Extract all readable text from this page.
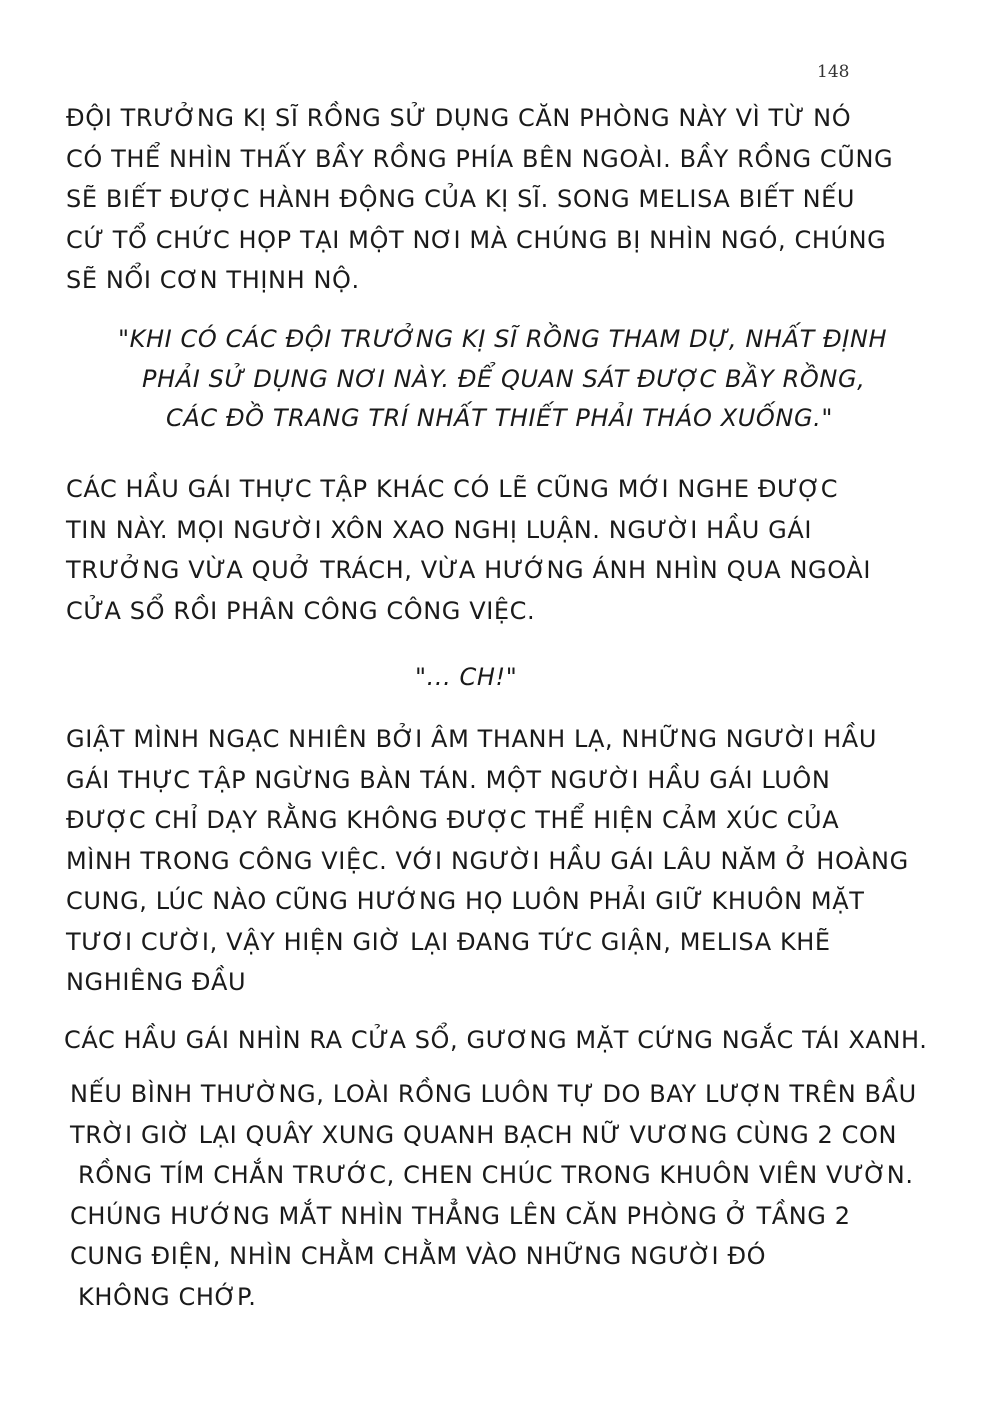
148

ĐỘI TRƯỞNG KỊ SĨ RỒNG SỬ DỤNG CĂN PHÒNG NÀY VÌ TỪ NÓ
CÓ THỂ NHÌN THẤY BẦY RỒNG PHÍA BÊN NGOÀI. BẦY RỒNG CŨNG
SẼ BIẾT ĐƯỢC HÀNH ĐỘNG CỦA KỊ SĨ. SONG MELISA BIẾT NẾU
CỨ TỔ CHỨC HỌP TẠI MỘT NƠI MÀ CHÚNG BỊ NHÌN NGÓ, CHÚNG
SẼ NỔI CƠN THỊNH NỘ.

"KHI CÓ CÁC ĐỘI TRƯỞNG KỊ SĨ RỒNG THAM DỰ, NHẤT ĐỊNH
PHẢI SỬ DỤNG NƠI NÀY. ĐỂ QUAN SÁT ĐƯỢC BẦY RỒNG,
CÁC ĐỒ TRANG TRÍ NHẤT THIẾT PHẢI THÁO XUỐNG."

CÁC HẦU GÁI THỰC TẬP KHÁC CÓ LẼ CŨNG MỚI NGHE ĐƯỢC
TIN NÀY. MỌI NGƯỜI XÔN XAO NGHỊ LUẬN. NGƯỜI HẦU GÁI
TRƯỞNG VỪA QUỞ TRÁCH, VỪA HƯỚNG ÁNH NHÌN QUA NGOÀI
CỬA SỔ RỒI PHÂN CÔNG CÔNG VIỆC.

"... CH!"

GIẬT MÌNH NGẠC NHIÊN BỞI ÂM THANH LẠ, NHỮNG NGƯỜI HẦU
GÁI THỰC TẬP NGỪNG BÀN TÁN. MỘT NGƯỜI HẦU GÁI LUÔN
ĐƯỢC CHỈ DẠY RẰNG KHÔNG ĐƯỢC THỂ HIỆN CẢM XÚC CỦA
MÌNH TRONG CÔNG VIỆC. VỚI NGƯỜI HẦU GÁI LÂU NĂM Ở HOÀNG
CUNG, LÚC NÀO CŨNG HƯỚNG HỌ LUÔN PHẢI GIỮ KHUÔN MẶT
TƯƠI CƯỜI, VẬY HIỆN GIỜ LẠI ĐANG TỨC GIẬN, MELISA KHẼ
NGHIÊNG ĐẦU

CÁC HẦU GÁI NHÌN RA CỬA SỔ, GƯƠNG MẶT CỨNG NGẮC TÁI XANH.

NẾU BÌNH THƯỜNG, LOÀI RỒNG LUÔN TỰ DO BAY LƯỢN TRÊN BẦU
TRỜI GIỜ LẠI QUÂY XUNG QUANH BẠCH NỮ VƯƠNG CÙNG 2 CON
RỒNG TÍM CHẮN TRƯỚC, CHEN CHÚC TRONG KHUÔN VIÊN VƯỜN.
CHÚNG HƯỚNG MẮT NHÌN THẲNG LÊN CĂN PHÒNG Ở TẦNG 2
CUNG ĐIỆN, NHÌN CHẰM CHẰM VÀO NHỮNG NGƯỜI ĐÓ
KHÔNG CHỚP.
